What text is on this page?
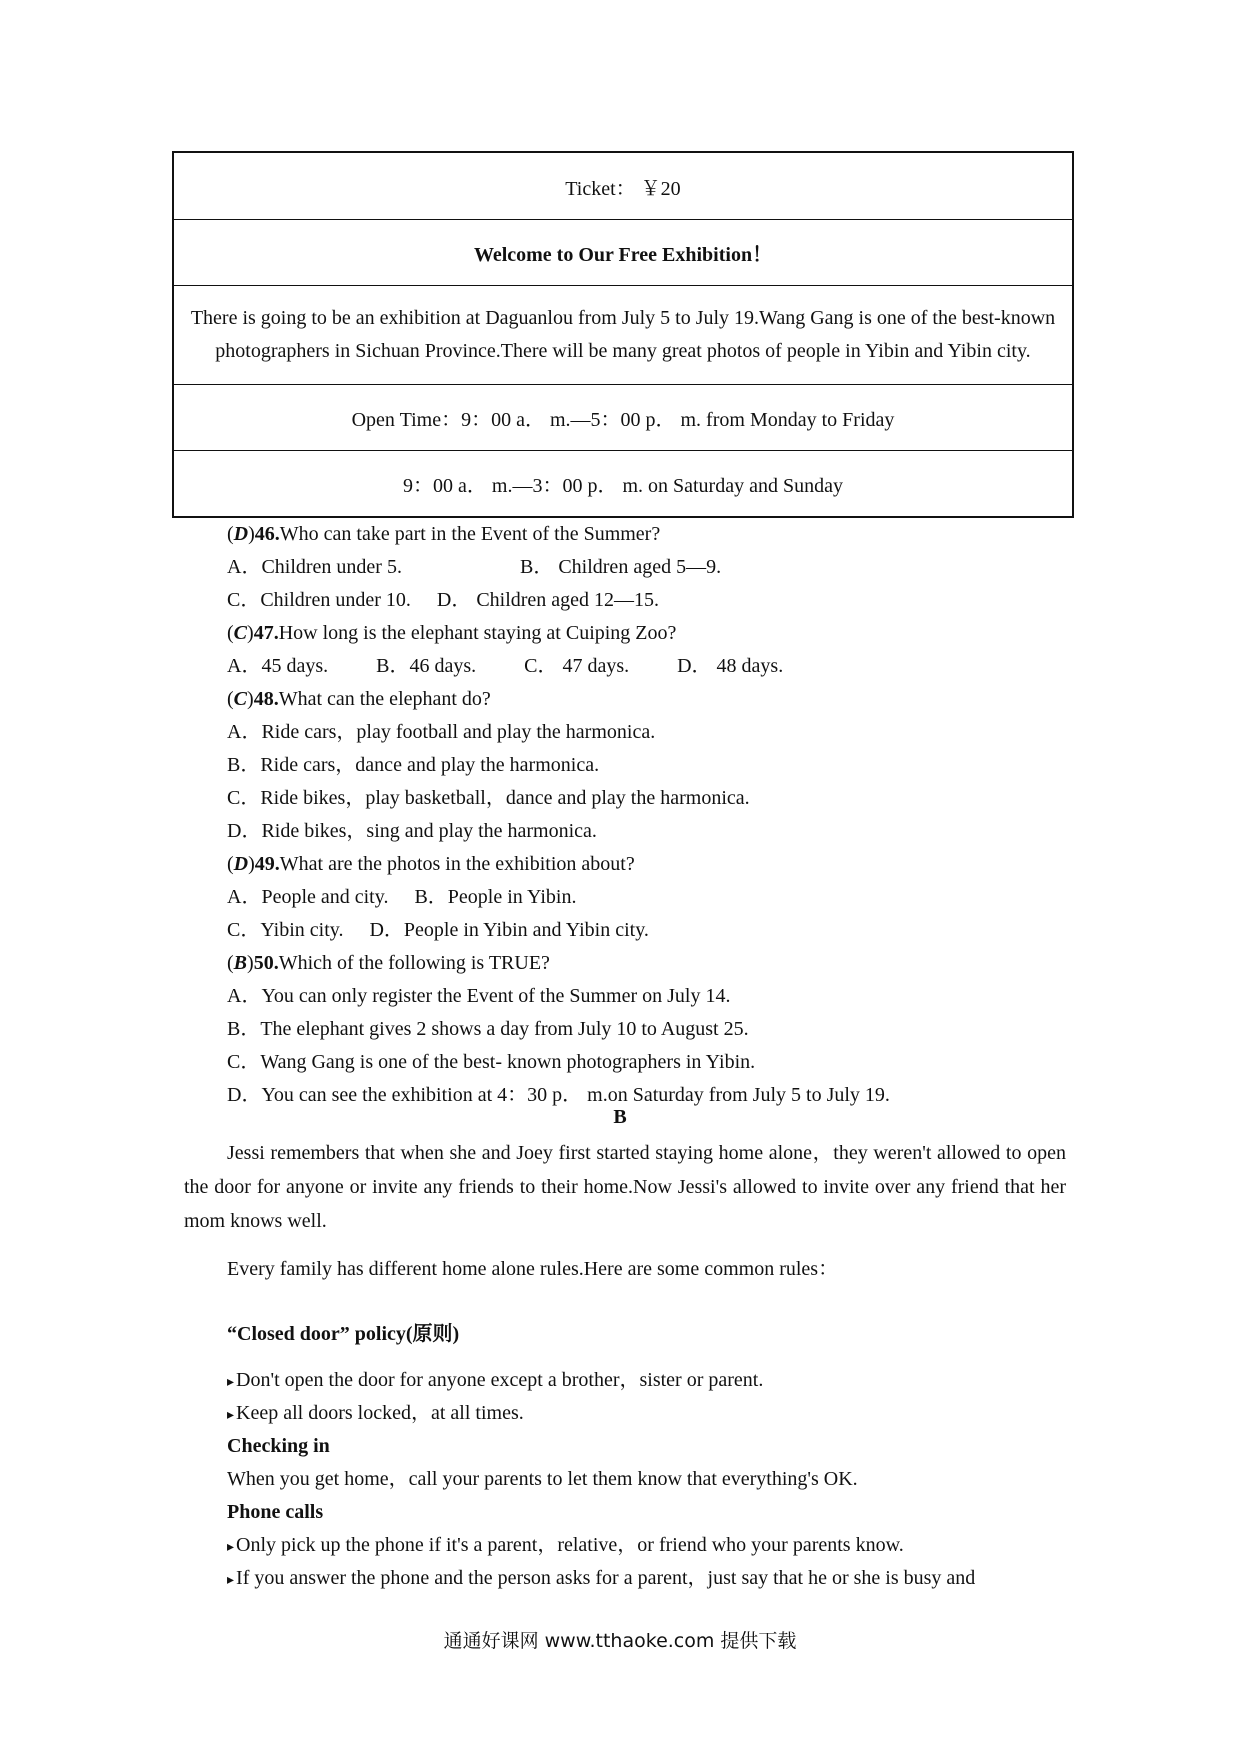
Ticket： ￥20
Welcome to Our Free Exhibition！
There is going to be an exhibition at Daguanlou from July 5 to July 19.Wang Gang is one of the best-known photographers in Sichuan Province.There will be many great photos of people in Yibin and Yibin city.
Open Time：9：00 a． m.—5：00 p． m. from Monday to Friday
9：00 a． m.—3：00 p． m. on Saturday and Sunday
(D)46.Who can take part in the Event of the Summer?
A．Children under 5.	B． Children aged 5—9.
C．Children under 10. D． Children aged 12—15.
(C)47.How long is the elephant staying at Cuiping Zoo?
A．45 days. B．46 days. C． 47 days. D． 48 days.
(C)48.What can the elephant do?
A．Ride cars，play football and play the harmonica.
B．Ride cars，dance and play the harmonica.
C．Ride bikes，play basketball，dance and play the harmonica.
D．Ride bikes，sing and play the harmonica.
(D)49.What are the photos in the exhibition about?
A．People and city. B．People in Yibin.
C．Yibin city. D．People in Yibin and Yibin city.
(B)50.Which of the following is TRUE?
A．You can only register the Event of the Summer on July 14.
B．The elephant gives 2 shows a day from July 10 to August 25.
C．Wang Gang is one of the best- known photographers in Yibin.
D．You can see the exhibition at 4：30 p． m.on Saturday from July 5 to July 19.
B
Jessi remembers that when she and Joey first started staying home alone，they weren't allowed to open the door for anyone or invite any friends to their home.Now Jessi's allowed to invite over any friend that her mom knows well.
Every family has different home alone rules.Here are some common rules：
“Closed door” policy(原则)
▸ Don't open the door for anyone except a brother，sister or parent.
▸ Keep all doors locked，at all times.
Checking in
When you get home，call your parents to let them know that everything's OK.
Phone calls
▸ Only pick up the phone if it's a parent，relative，or friend who your parents know.
▸ If you answer the phone and the person asks for a parent，just say that he or she is busy and
通通好课网 www.tthaoke.com 提供下载
